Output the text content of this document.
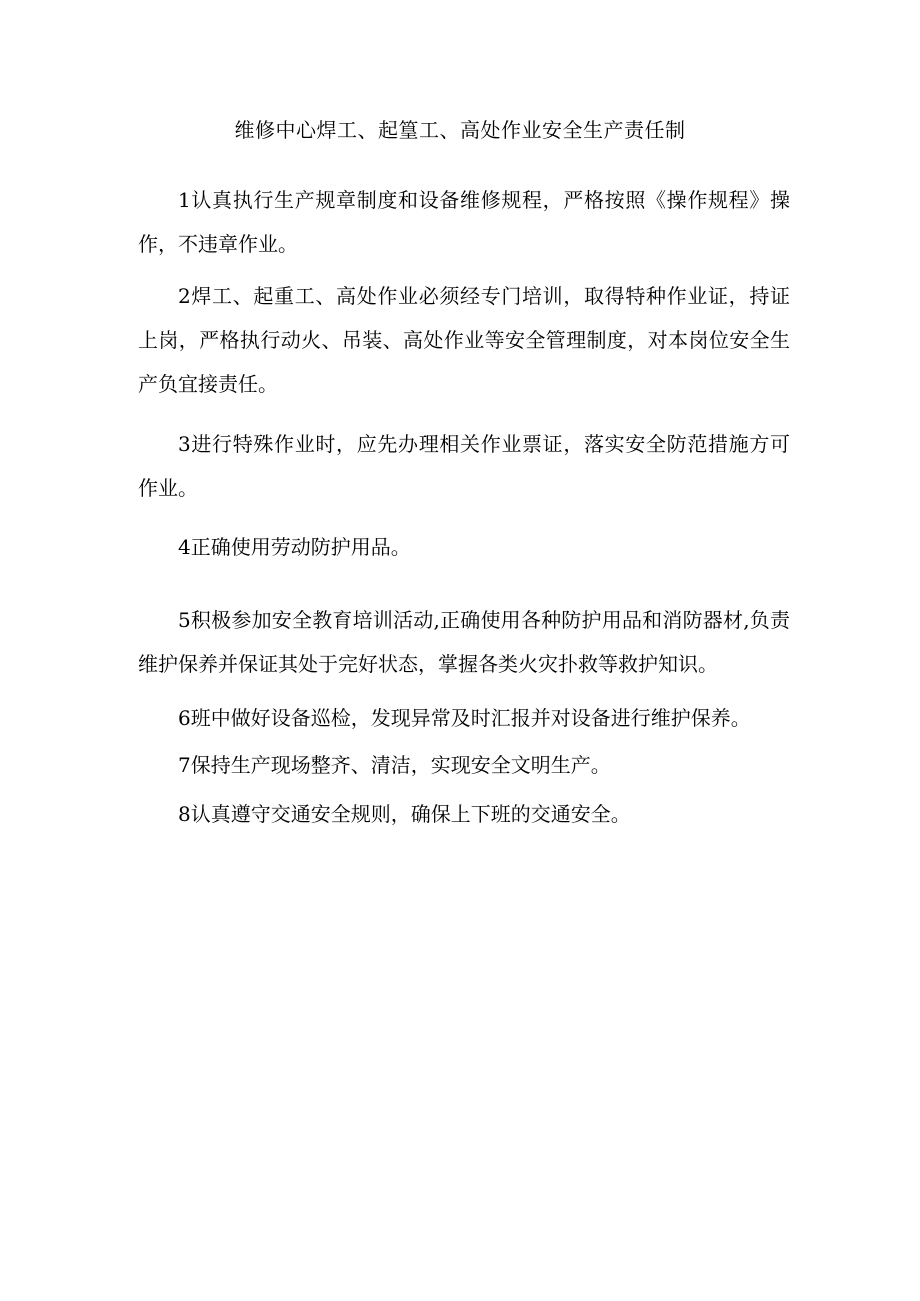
维修中心焊工、起篁工、高处作业安全生产责任制

1认真执行生产规章制度和设备维修规程，严格按照《操作规程》操作，不违章作业。

2焊工、起重工、高处作业必须经专门培训，取得特种作业证，持证上岗，严格执行动火、吊装、高处作业等安全管理制度，对本岗位安全生产负宜接责任。

3进行特殊作业时，应先办理相关作业票证，落实安全防范措施方可作业。

4正确使用劳动防护用品。

5积极参加安全教育培训活动,正确使用各种防护用品和消防器材,负责维护保养并保证其处于完好状态，掌握各类火灾扑救等救护知识。

6班中做好设备巡检，发现异常及时汇报并对设备进行维护保养。

7保持生产现场整齐、清洁，实现安全文明生产。

8认真遵守交通安全规则，确保上下班的交通安全。
